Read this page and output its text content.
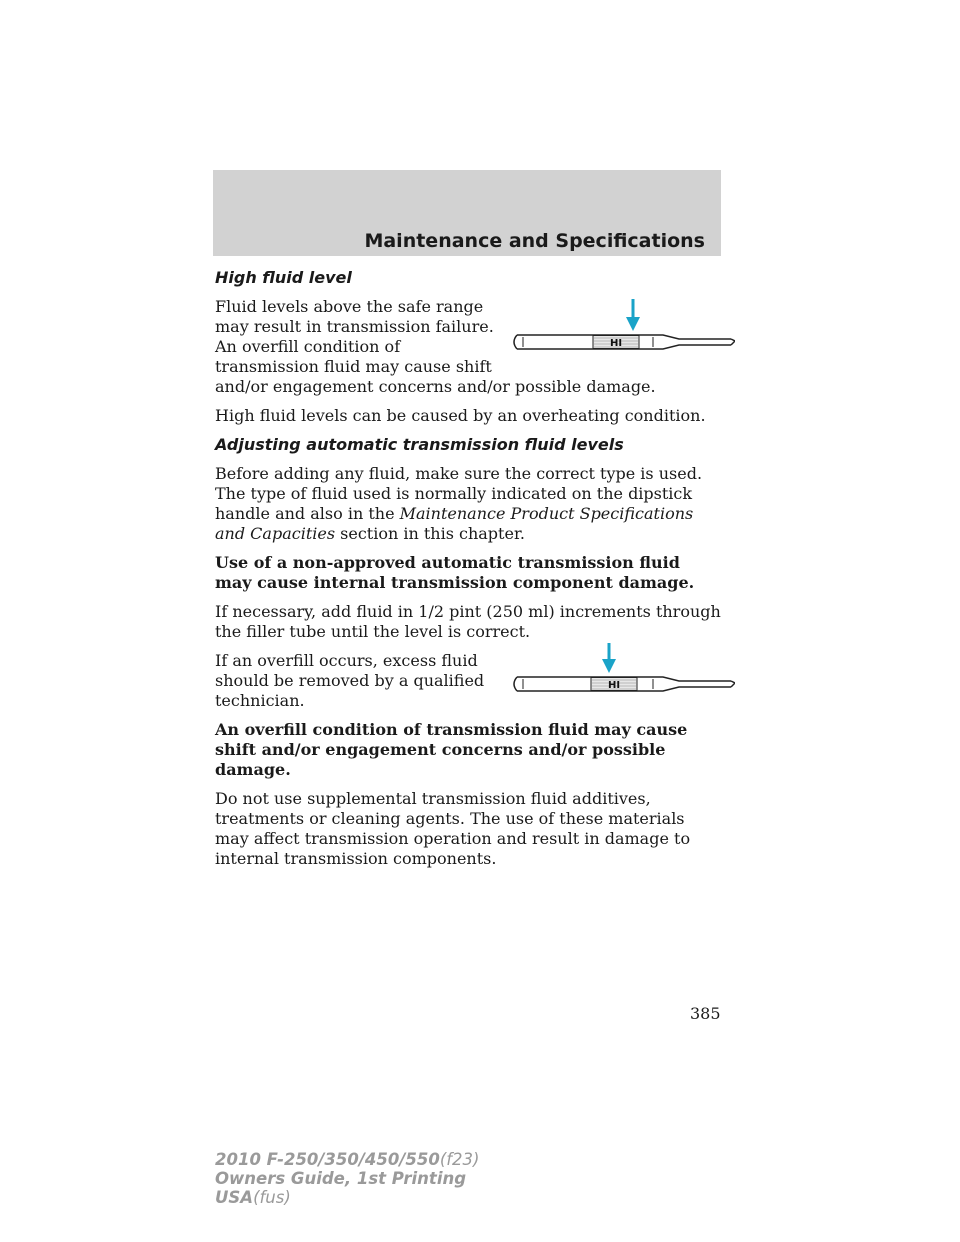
Maintenance and Specifications
High fluid level
HI

Fluid levels above the safe range may result in transmission failure. An overfill condition of transmission fluid may cause shift and/or engagement concerns and/or possible damage.

High fluid levels can be caused by an overheating condition.

Adjusting automatic transmission fluid levels

Before adding any fluid, make sure the correct type is used. The type of fluid used is normally indicated on the dipstick handle and also in the Maintenance Product Specifications and Capacities section in this chapter.

Use of a non-approved automatic transmission fluid may cause internal transmission component damage.

If necessary, add fluid in 1/2 pint (250 ml) increments through the filler tube until the level is correct.

HI

If an overfill occurs, excess fluid should be removed by a qualified technician.

An overfill condition of transmission fluid may cause shift and/or engagement concerns and/or possible damage.

Do not use supplemental transmission fluid additives, treatments or cleaning agents. The use of these materials may affect transmission operation and result in damage to internal transmission components.

385
2010 F-250/350/450/550(f23)
Owners Guide, 1st Printing
USA(fus)
